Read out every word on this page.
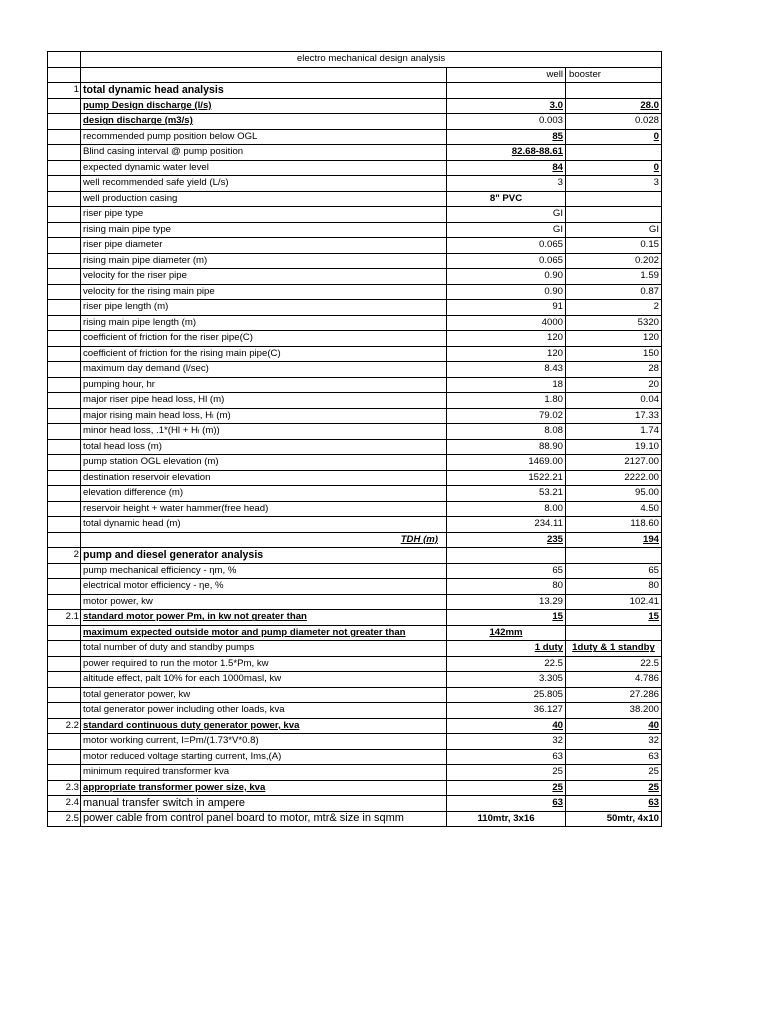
	electro mechanical design analysis		
		well	booster
1	total dynamic head analysis		
	pump Design discharge (l/s)	3.0	28.0
	design discharge (m3/s)	0.003	0.028
	recommended pump position below OGL	85	0
	Blind casing interval @ pump position	82.68-88.61	
	expected dynamic water level	84	0
	well recommended safe yield (L/s)	3	3
	well production casing	8" PVC	
	riser pipe type	GI	
	rising main pipe type	GI	GI
	riser pipe diameter	0.065	0.15
	rising main pipe diameter (m)	0.065	0.202
	velocity for the riser pipe	0.90	1.59
	velocity for the rising main pipe	0.90	0.87
	riser pipe length (m)	91	2
	rising main pipe length (m)	4000	5320
	coefficient of friction for the riser pipe(C)	120	120
	coefficient of friction for the rising main pipe(C)	120	150
	maximum day demand (l/sec)	8.43	28
	pumping hour, hr	18	20
	major riser pipe head loss, Hl (m)	1.80	0.04
	major rising main head loss, Hₗ (m)	79.02	17.33
	minor head loss, .1*(Hl + Hₗ (m))	8.08	1.74
	total head loss (m)	88.90	19.10
	pump station OGL elevation (m)	1469.00	2127.00
	destination reservoir elevation	1522.21	2222.00
	elevation difference (m)	53.21	95.00
	reservoir height + water hammer(free head)	8.00	4.50
	total dynamic head (m)	234.11	118.60
	TDH (m)	235	194
2	pump and diesel generator analysis		
	pump mechanical efficiency - ηm, %	65	65
	electrical motor efficiency - ηe, %	80	80
	motor power, kw	13.29	102.41
2.1	standard motor power Pm, in kw not greater than	15	15
	maximum expected outside motor and pump diameter not greater than	142mm	
	total number of duty and standby pumps	1 duty	1duty & 1 standby
	power required to run the motor 1.5*Pm, kw	22.5	22.5
	altitude effect, palt 10% for each 1000masl, kw	3.305	4.786
	total generator power, kw	25.805	27.286
	total generator power including other loads, kva	36.127	38.200
2.2	standard continuous duty generator power, kva	40	40
	motor working current, I=Pm/(1.73*V*0.8)	32	32
	motor reduced voltage starting current, Ims,(A)	63	63
	minimum required transformer kva	25	25
2.3	appropriate transformer power size, kva	25	25
2.4	manual transfer switch in ampere	63	63
2.5	power cable from control panel board to motor, mtr& size in sqmm	110mtr, 3x16	50mtr, 4x10
